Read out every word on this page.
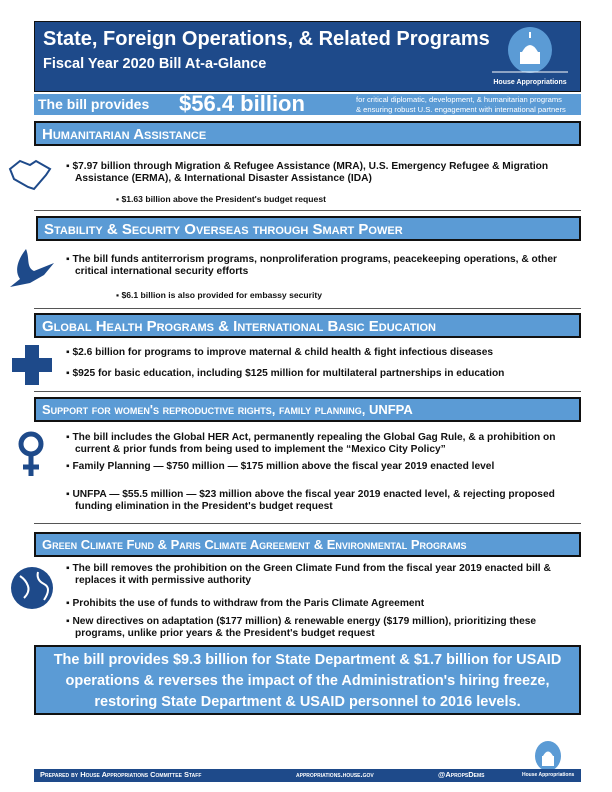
State, Foreign Operations, & Related Programs
Fiscal Year 2020 Bill At-a-Glance
House Appropriations
The bill provides $56.4 billion	for critical diplomatic, development, & humanitarian programs
& ensuring robust U.S. engagement with international partners
Humanitarian Assistance
▪ $7.97 billion through Migration & Refugee Assistance (MRA), U.S. Emergency Refugee & Migration Assistance (ERMA), & International Disaster Assistance (IDA)
▪ $1.63 billion above the President's budget request
Stability & Security Overseas through Smart Power
▪ The bill funds antiterrorism programs, nonproliferation programs, peacekeeping operations, & other critical international security efforts
▪ $6.1 billion is also provided for embassy security
Global Health Programs & International Basic Education
▪ $2.6 billion for programs to improve maternal & child health & fight infectious diseases
▪ $925 for basic education, including $125 million for multilateral partnerships in education
Support for women's reproductive rights, family planning, UNFPA
▪ The bill includes the Global HER Act, permanently repealing the Global Gag Rule, & a prohibition on current & prior funds from being used to implement the “Mexico City Policy”
▪ Family Planning — $750 million — $175 million above the fiscal year 2019 enacted level
▪ UNFPA — $55.5 million — $23 million above the fiscal year 2019 enacted level, & rejecting proposed funding elimination in the President's budget request
Green Climate Fund & Paris Climate Agreement & Environmental Programs
▪ The bill removes the prohibition on the Green Climate Fund from the fiscal year 2019 enacted bill & replaces it with permissive authority
▪ Prohibits the use of funds to withdraw from the Paris Climate Agreement
▪ New directives on adaptation ($177 million) & renewable energy ($179 million), prioritizing these programs, unlike prior years & the President's budget request
The bill provides $9.3 billion for State Department & $1.7 billion for USAID operations & reverses the impact of the Administration's hiring freeze, restoring State Department & USAID personnel to 2016 levels.
Prepared by House Appropriations Committee Staff	appropriations.house.gov	@ApropsDems	House Appropriations
